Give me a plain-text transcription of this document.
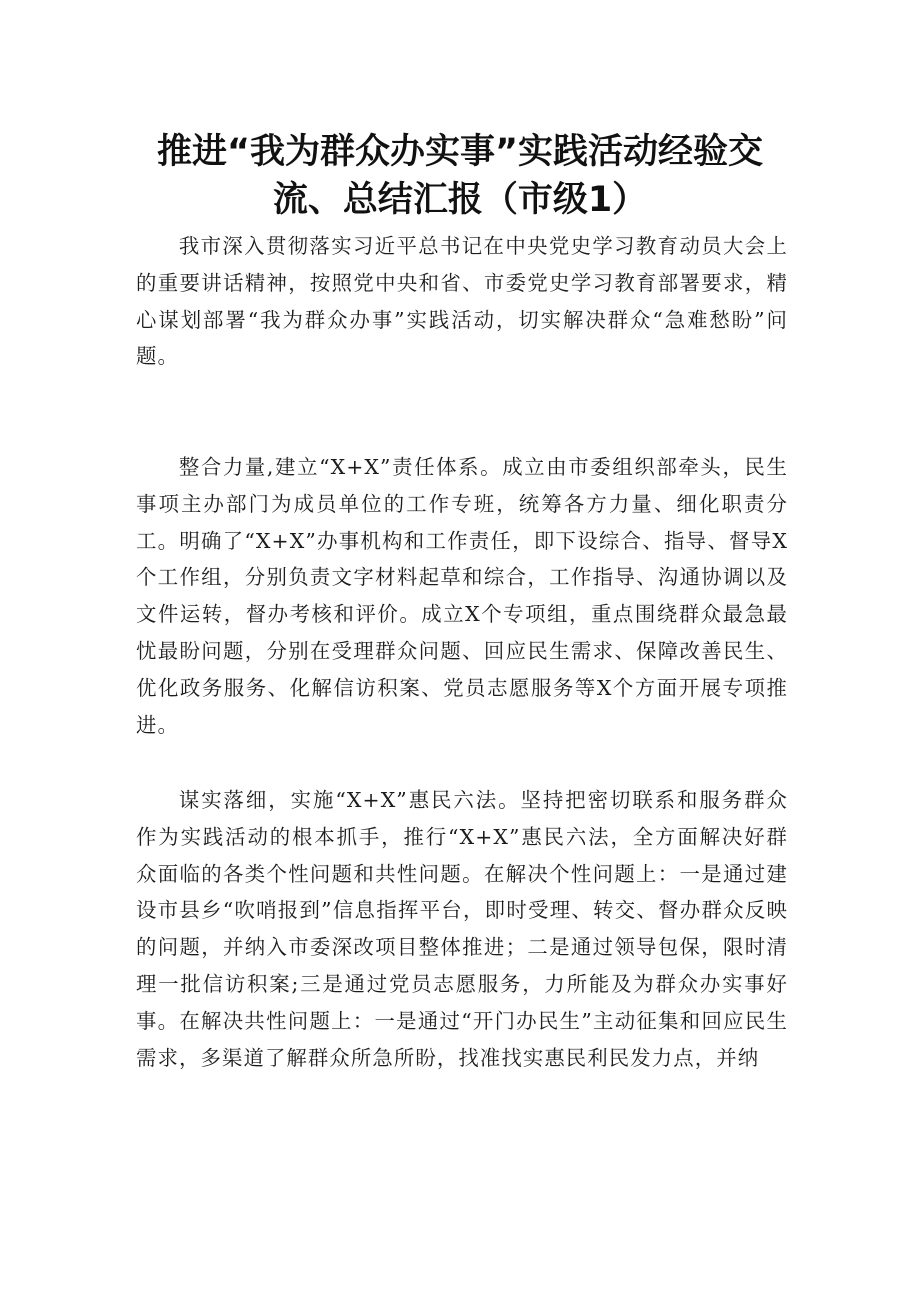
推进“我为群众办实事”实践活动经验交
流、总结汇报（市级1）

我市深入贯彻落实习近平总书记在中央党史学习教育动员大会上的重要讲话精神，按照党中央和省、市委党史学习教育部署要求，精心谋划部署“我为群众办事”实践活动，切实解决群众“急难愁盼”问题。

整合力量,建立“X+X”责任体系。成立由市委组织部牵头，民生事项主办部门为成员单位的工作专班，统筹各方力量、细化职责分工。明确了“X+X”办事机构和工作责任，即下设综合、指导、督导X个工作组，分别负责文字材料起草和综合，工作指导、沟通协调以及文件运转，督办考核和评价。成立X个专项组，重点围绕群众最急最忧最盼问题，分别在受理群众问题、回应民生需求、保障改善民生、优化政务服务、化解信访积案、党员志愿服务等X个方面开展专项推进。

谋实落细，实施“X+X”惠民六法。坚持把密切联系和服务群众作为实践活动的根本抓手，推行“X+X”惠民六法，全方面解决好群众面临的各类个性问题和共性问题。在解决个性问题上：一是通过建设市县乡“吹哨报到”信息指挥平台，即时受理、转交、督办群众反映的问题，并纳入市委深改项目整体推进；二是通过领导包保，限时清理一批信访积案;三是通过党员志愿服务，力所能及为群众办实事好事。在解决共性问题上：一是通过“开门办民生”主动征集和回应民生需求，多渠道了解群众所急所盼，找准找实惠民利民发力点，并纳
